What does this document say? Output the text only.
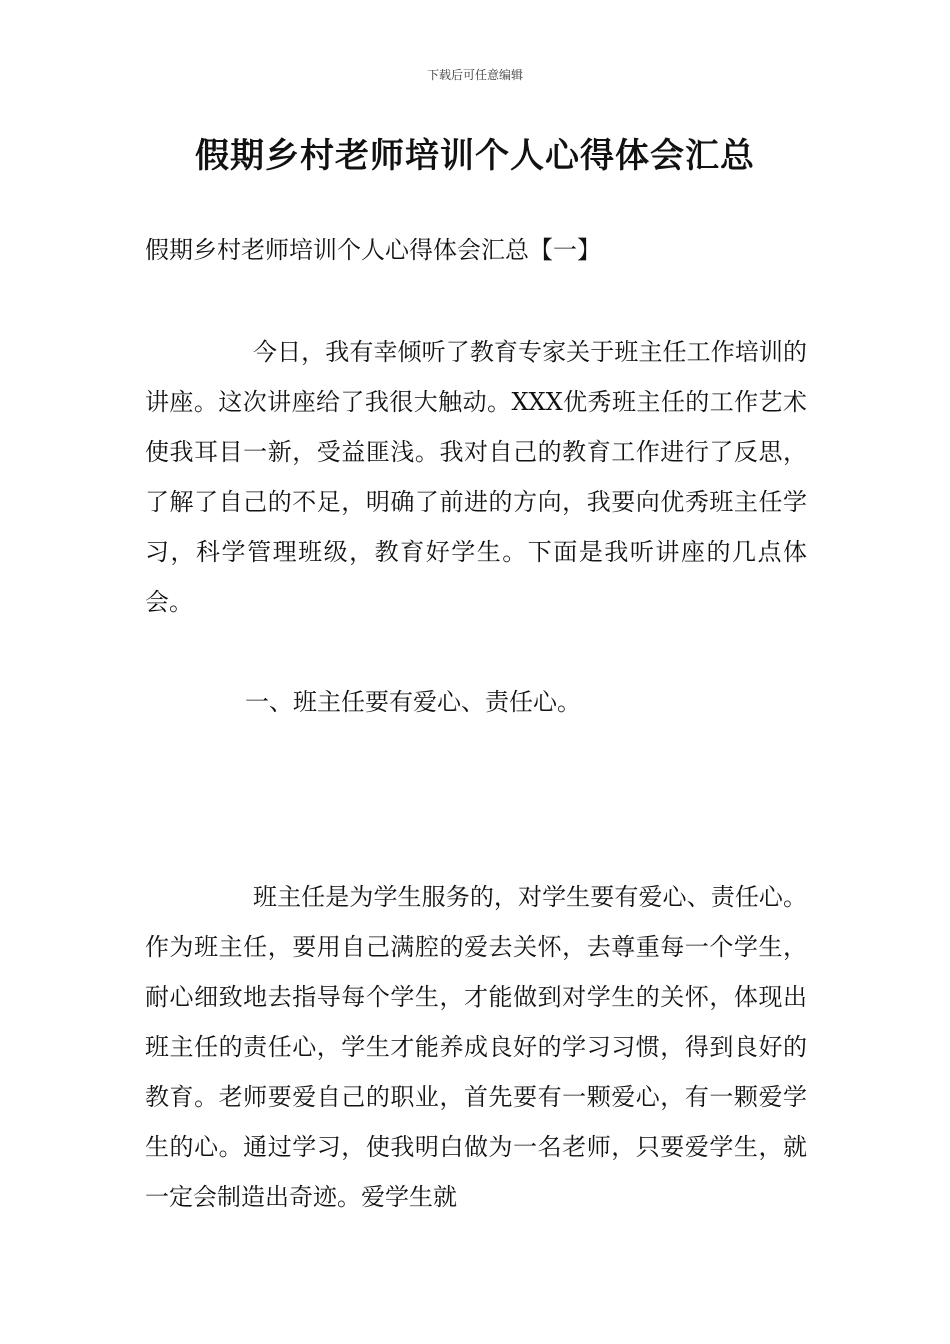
下载后可任意编辑
假期乡村老师培训个人心得体会汇总
假期乡村老师培训个人心得体会汇总【一】

今日，我有幸倾听了教育专家关于班主任工作培训的讲座。这次讲座给了我很大触动。XXX优秀班主任的工作艺术使我耳目一新，受益匪浅。我对自己的教育工作进行了反思，了解了自己的不足，明确了前进的方向，我要向优秀班主任学习，科学管理班级，教育好学生。下面是我听讲座的几点体会。

一、班主任要有爱心、责任心。

班主任是为学生服务的，对学生要有爱心、责任心。作为班主任，要用自己满腔的爱去关怀，去尊重每一个学生，耐心细致地去指导每个学生，才能做到对学生的关怀，体现出班主任的责任心，学生才能养成良好的学习习惯，得到良好的教育。老师要爱自己的职业，首先要有一颗爱心，有一颗爱学生的心。通过学习，使我明白做为一名老师，只要爱学生，就一定会制造出奇迹。爱学生就
